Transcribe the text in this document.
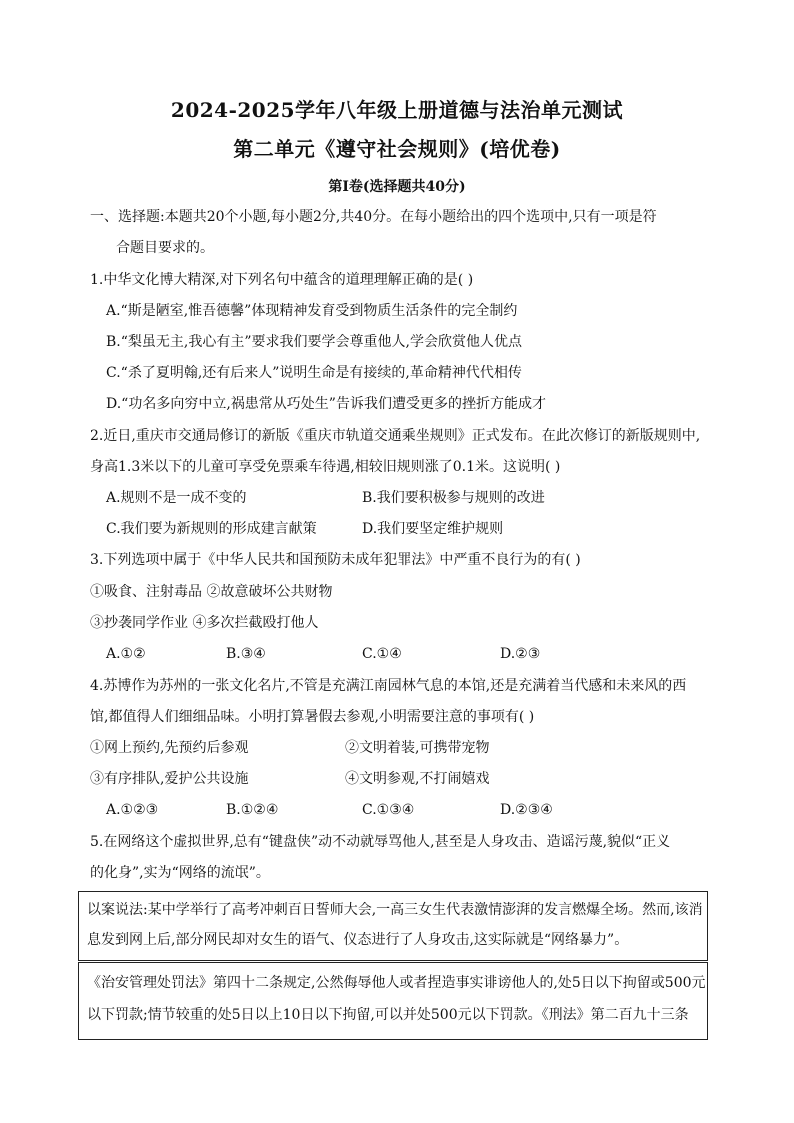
2024-2025学年八年级上册道德与法治单元测试
第二单元《遵守社会规则》(培优卷)
第Ⅰ卷(选择题共40分)
一、选择题:本题共20个小题,每小题2分,共40分。在每小题给出的四个选项中,只有一项是符
合题目要求的。
1.中华文化博大精深,对下列名句中蕴含的道理理解正确的是( )
A.“斯是陋室,惟吾德馨”体现精神发育受到物质生活条件的完全制约
B.“梨虽无主,我心有主”要求我们要学会尊重他人,学会欣赏他人优点
C.“杀了夏明翰,还有后来人”说明生命是有接续的,革命精神代代相传
D.“功名多向穷中立,祸患常从巧处生”告诉我们遭受更多的挫折方能成才
2.近日,重庆市交通局修订的新版《重庆市轨道交通乘坐规则》正式发布。在此次修订的新版规则中,
身高1.3米以下的儿童可享受免票乘车待遇,相较旧规则涨了0.1米。这说明( )
A.规则不是一成不变的	B.我们要积极参与规则的改进
C.我们要为新规则的形成建言献策	D.我们要坚定维护规则
3.下列选项中属于《中华人民共和国预防未成年犯罪法》中严重不良行为的有( )
①吸食、注射毒品 ②故意破坏公共财物
③抄袭同学作业 ④多次拦截殴打他人
A.①②	B.③④	C.①④	D.②③
4.苏博作为苏州的一张文化名片,不管是充满江南园林气息的本馆,还是充满着当代感和未来风的西
馆,都值得人们细细品味。小明打算暑假去参观,小明需要注意的事项有( )
①网上预约,先预约后参观	②文明着装,可携带宠物
③有序排队,爱护公共设施	④文明参观,不打闹嬉戏
A.①②③	B.①②④	C.①③④	D.②③④
5.在网络这个虚拟世界,总有“键盘侠”动不动就辱骂他人,甚至是人身攻击、造谣污蔑,貌似“正义
的化身”,实为“网络的流氓”。
以案说法:某中学举行了高考冲刺百日誓师大会,一高三女生代表激情澎湃的发言燃爆全场。然而,该消
息发到网上后,部分网民却对女生的语气、仪态进行了人身攻击,这实际就是“网络暴力”。
《治安管理处罚法》第四十二条规定,公然侮辱他人或者捏造事实诽谤他人的,处5日以下拘留或500元
以下罚款;情节较重的处5日以上10日以下拘留,可以并处500元以下罚款。《刑法》第二百九十三条
